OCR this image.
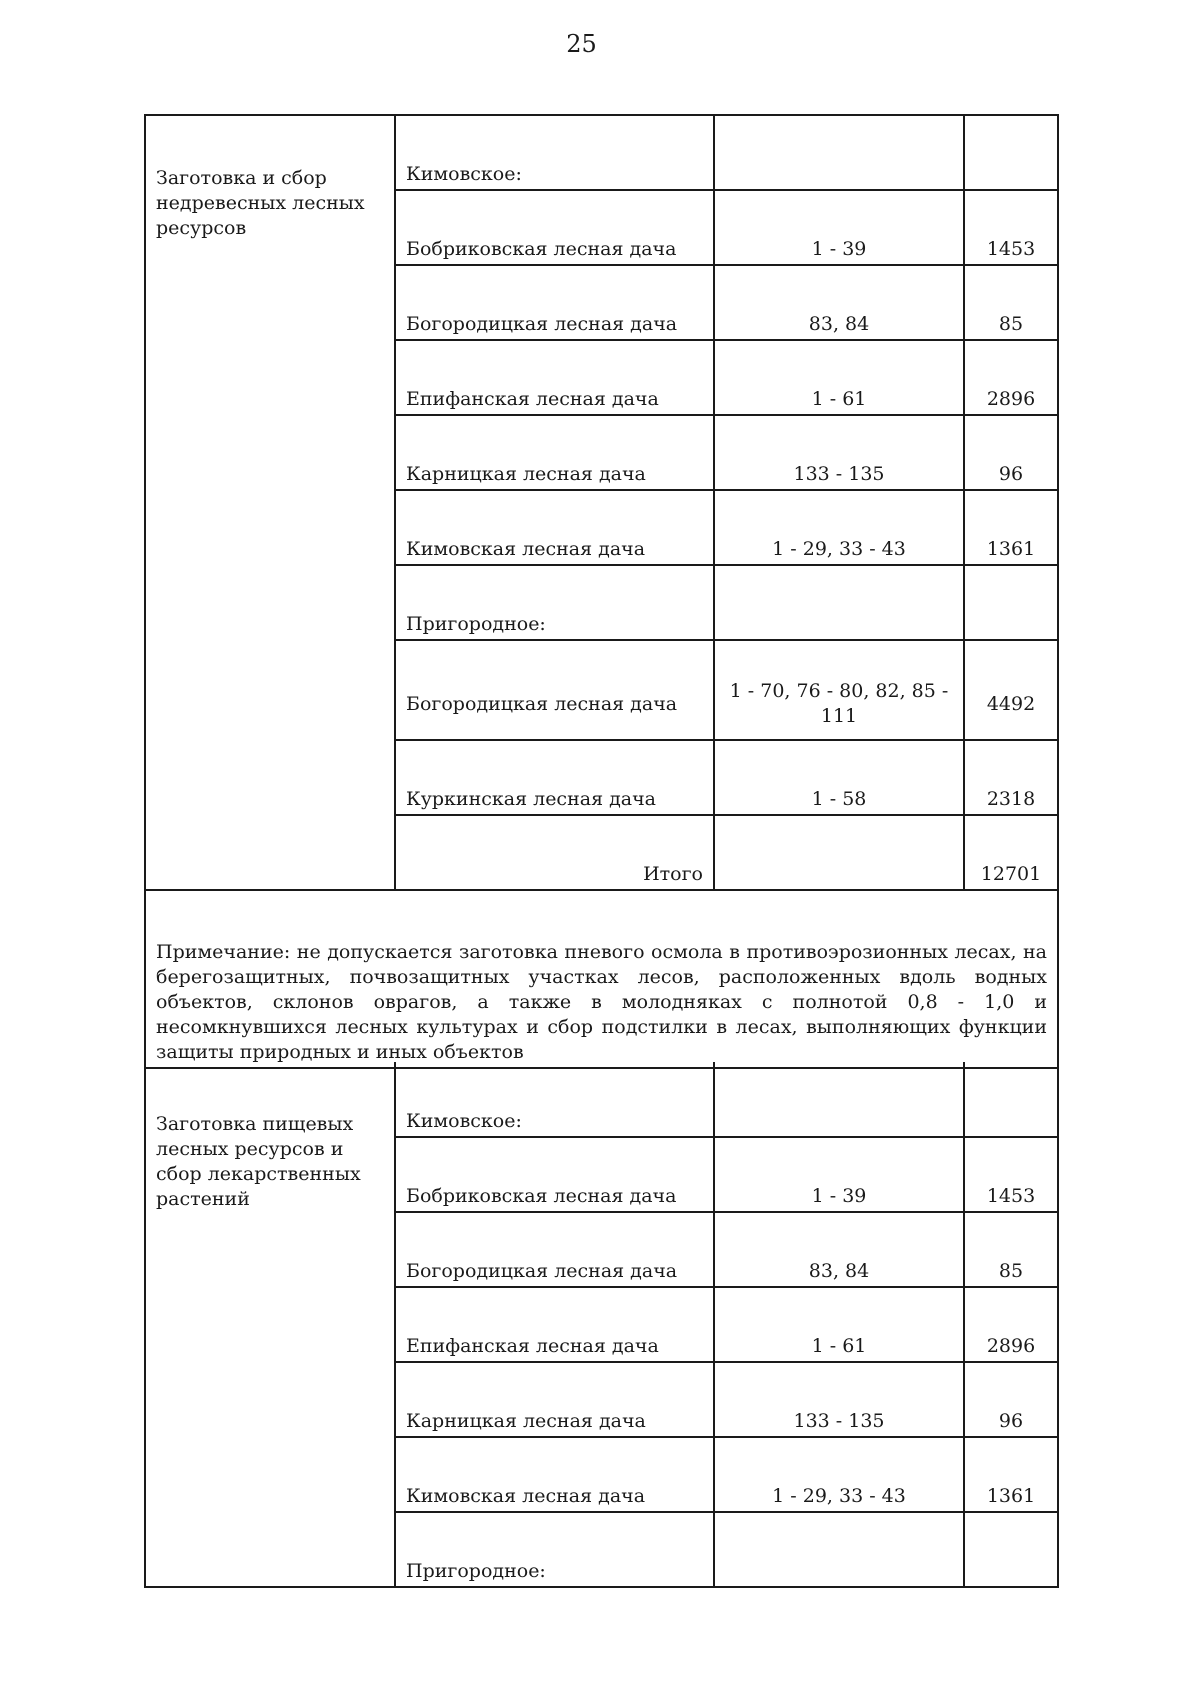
25
Заготовка и сбор недревесных лесных ресурсов	Кимовское:		
	Бобриковская лесная дача	1 - 39	1453
	Богородицкая лесная дача	83, 84	85
	Епифанская лесная дача	1 - 61	2896
	Карницкая лесная дача	133 - 135	96
	Кимовская лесная дача	1 - 29, 33 - 43	1361
	Пригородное:		
	Богородицкая лесная дача	1 - 70, 76 - 80, 82, 85 - 111	4492
	Куркинская лесная дача	1 - 58	2318
	Итого		12701
Примечание: не допускается заготовка пневого осмола в противоэрозионных лесах, на берегозащитных, почвозащитных участках лесов, расположенных вдоль водных объектов, склонов оврагов, а также в молодняках с полнотой 0,8 - 1,0 и несомкнувшихся лесных культурах и сбор подстилки в лесах, выполняющих функции защиты природных и иных объектов			
Заготовка пищевых лесных ресурсов и сбор лекарственных растений	Кимовское:		
	Бобриковская лесная дача	1 - 39	1453
	Богородицкая лесная дача	83, 84	85
	Епифанская лесная дача	1 - 61	2896
	Карницкая лесная дача	133 - 135	96
	Кимовская лесная дача	1 - 29, 33 - 43	1361
	Пригородное:		
